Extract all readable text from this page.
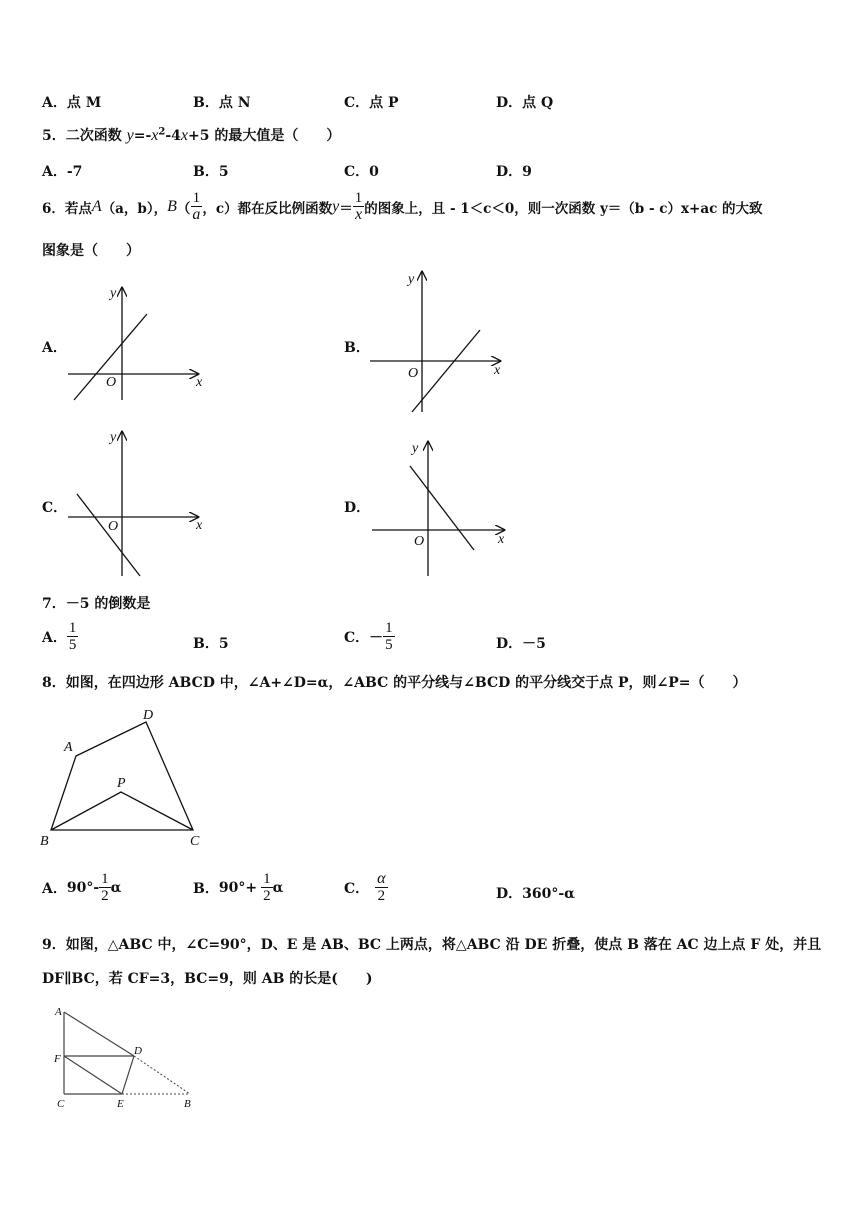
A．点 M	B．点 N	C．点 P	D．点 Q
5．二次函数 $y=-x^2-4x+5$ 的最大值是（　　）
A．-7	B．5	C．0	D．9
6．若点 A （a，b）， B （ $\frac{1}{a}$ ，c）都在反比例函数 $y = \frac{1}{x}$ 的图象上，且 - 1＜c＜0，则一次函数 y＝（b - c）x+ac 的大致
图象是（　　）
A．	B．
C．	D．
x
y
O
x
y
O
x
y
O
x
y
O
A
D
P
B	C
A
F
D
C	E	B
7．－5 的倒数是
A． $\frac{1}{5}$	B．5	C． － $\frac{1}{5}$	D．－5
8．如图，在四边形 ABCD 中，∠A+∠D=α，∠ABC 的平分线与∠BCD 的平分线交于点 P，则∠P=（　　）
A． $90^\circ- \frac{1}{2}$ α	B． $90^\circ+ \frac{1}{2}$ α	C． $\frac{\alpha}{2}$	D．360°-α
9．如图，△ABC 中，∠C=90°，D、E 是 AB、BC 上两点，将△ABC 沿 DE 折叠，使点 B 落在 AC 边上点 F 处，并且
DF∥BC，若 CF=3，BC=9，则 AB 的长是(　　)
